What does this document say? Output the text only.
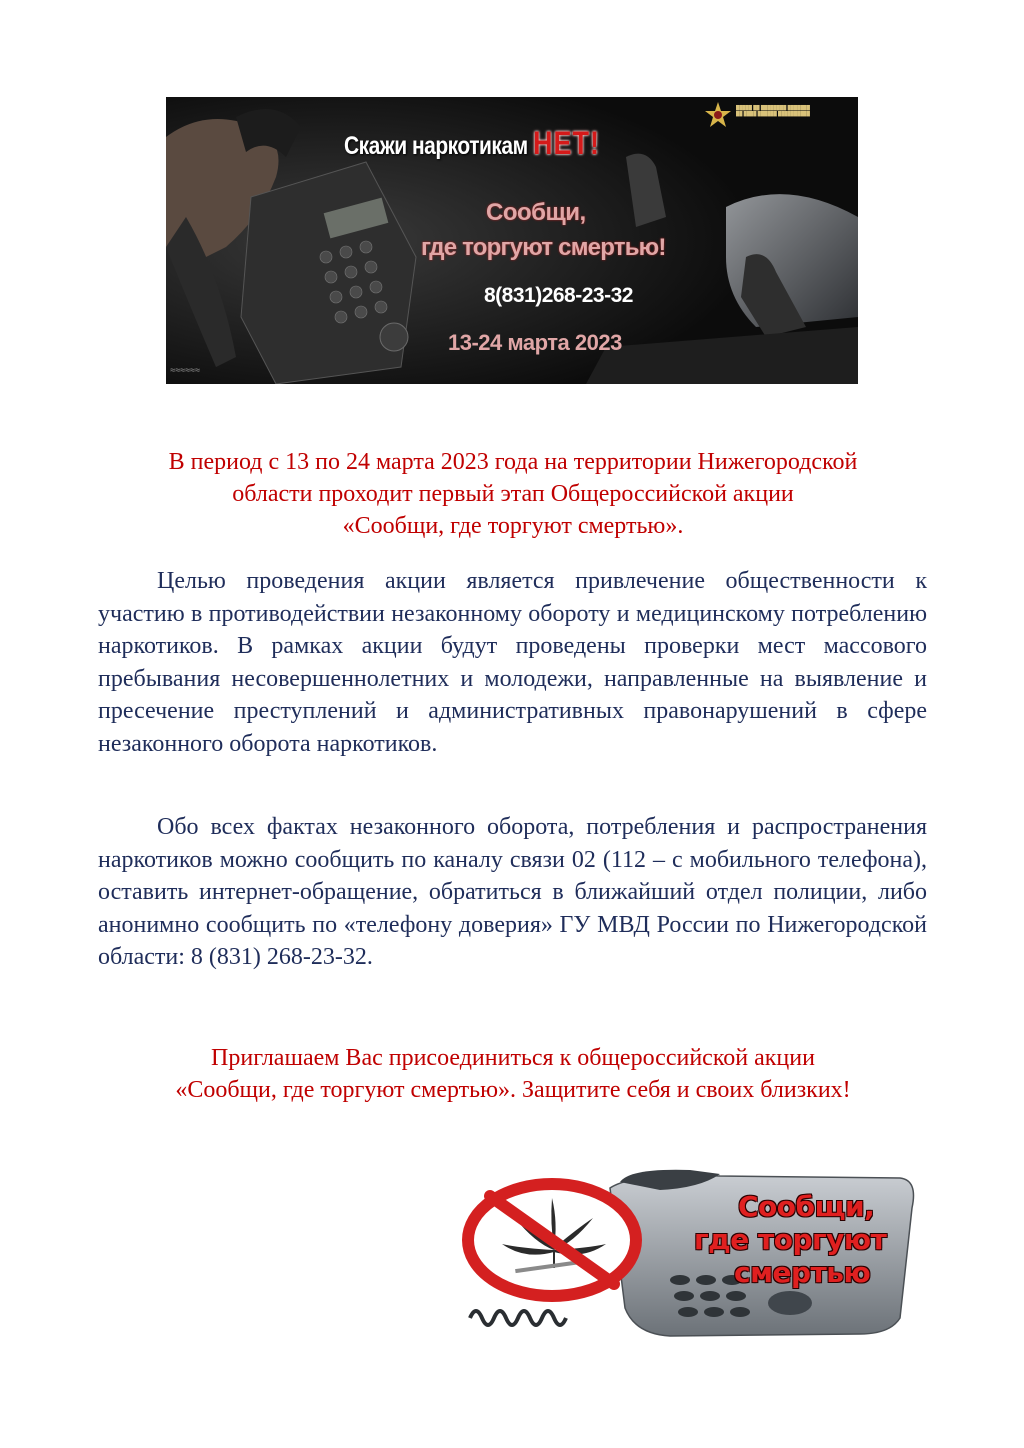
█████ ██ ████████ ███████
██ ████ ██████ ██████████
Скажи наркотикам НЕТ!
Сообщи,
где торгуют смертью!
8(831)268-23-32
13-24 марта 2023
≈≈≈≈≈≈

В период с 13 по 24 марта 2023 года на территории Нижегородской

области проходит первый этап Общероссийской акции

«Сообщи, где торгуют смертью».

Целью проведения акции является привлечение общественности к участию в противодействии незаконному обороту и медицинскому потреблению наркотиков. В рамках акции будут проведены проверки мест массового пребывания несовершеннолетних и молодежи, направленные на выявление и пресечение преступлений и административных правонарушений в сфере незаконного оборота наркотиков.

Обо всех фактах незаконного оборота, потребления и распространения наркотиков можно сообщить по каналу связи 02 (112 – с мобильного телефона), оставить интернет-обращение, обратиться в ближайший отдел полиции, либо анонимно сообщить по «телефону доверия» ГУ МВД России по Нижегородской области: 8 (831) 268-23-32.

Приглашаем Вас присоединиться к общероссийской акции

«Сообщи, где торгуют смертью». Защитите себя и своих близких!

Сообщи,
где торгуют
смертью
